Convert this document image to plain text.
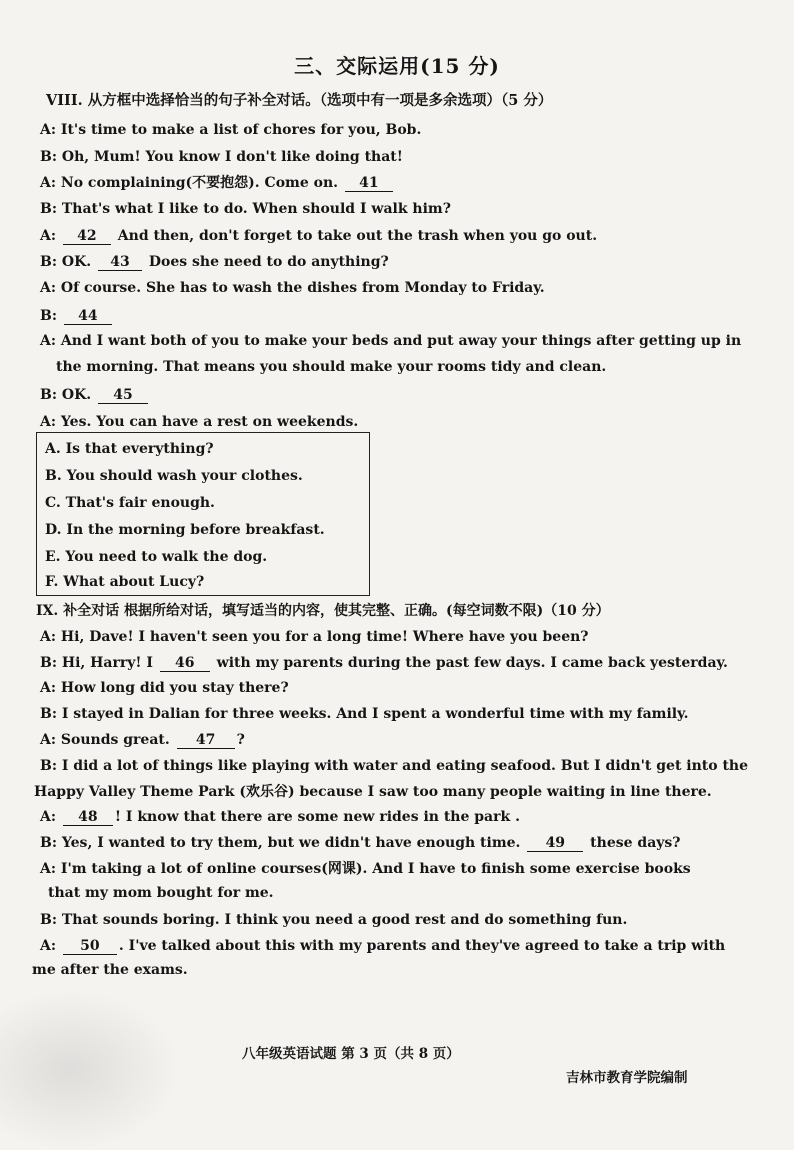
三、交际运用(15 分)
VIII. 从方框中选择恰当的句子补全对话。（选项中有一项是多余选项）（5 分）
A: It's time to make a list of chores for you, Bob.
B: Oh, Mum! You know I don't like doing that!
A: No complaining(不要抱怨). Come on. 41
B: That's what I like to do. When should I walk him?
A: 42 And then, don't forget to take out the trash when you go out.
B: OK. 43 Does she need to do anything?
A: Of course. She has to wash the dishes from Monday to Friday.
B: 44
A: And I want both of you to make your beds and put away your things after getting up in
the morning. That means you should make your rooms tidy and clean.
B: OK. 45
A: Yes. You can have a rest on weekends.
A. Is that everything?
B. You should wash your clothes.
C. That's fair enough.
D. In the morning before breakfast.
E. You need to walk the dog.
F. What about Lucy?
IX. 补全对话 根据所给对话，填写适当的内容，使其完整、正确。(每空词数不限)（10 分）
A: Hi, Dave! I haven't seen you for a long time! Where have you been?
B: Hi, Harry! I 46 with my parents during the past few days. I came back yesterday.
A: How long did you stay there?
B: I stayed in Dalian for three weeks. And I spent a wonderful time with my family.
A: Sounds great. 47 ?
B: I did a lot of things like playing with water and eating seafood. But I didn't get into the
Happy Valley Theme Park (欢乐谷) because I saw too many people waiting in line there.
A: 48 ! I know that there are some new rides in the park .
B: Yes, I wanted to try them, but we didn't have enough time. 49 these days?
A: I'm taking a lot of online courses(网课). And I have to finish some exercise books
that my mom bought for me.
B: That sounds boring. I think you need a good rest and do something fun.
A: 50 . I've talked about this with my parents and they've agreed to take a trip with
me after the exams.
八年级英语试题 第 3 页（共 8 页）
吉林市教育学院编制
